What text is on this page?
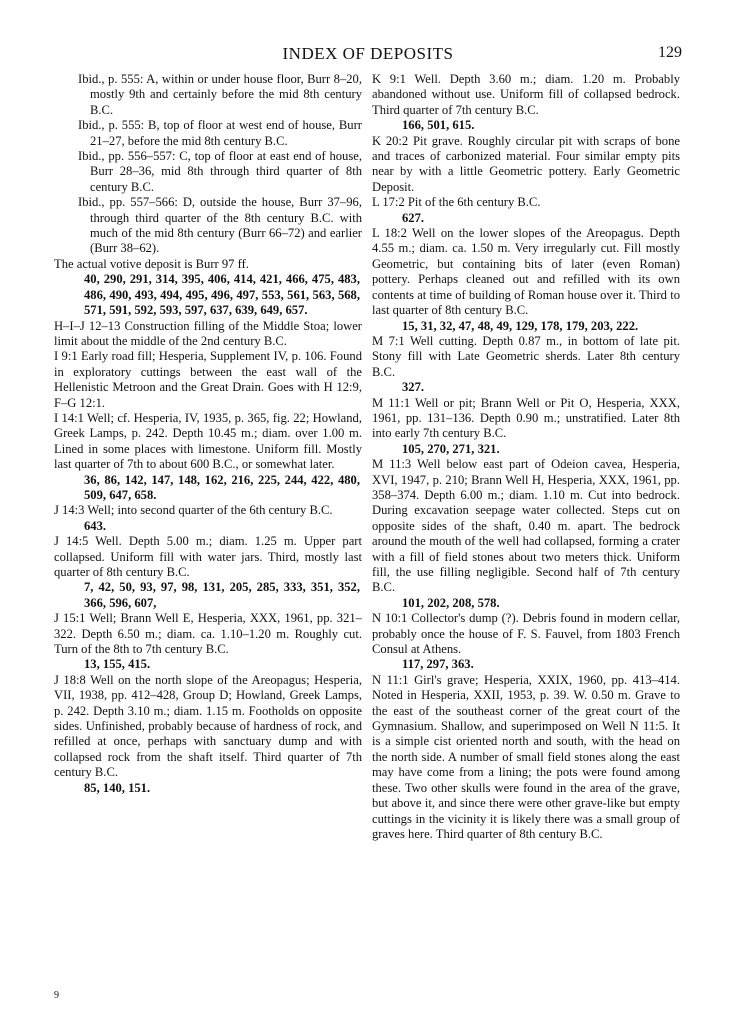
INDEX OF DEPOSITS	129
Ibid., p. 555: A, within or under house floor, Burr 8–20, mostly 9th and certainly before the mid 8th century B.C.
Ibid., p. 555: B, top of floor at west end of house, Burr 21–27, before the mid 8th century B.C.
Ibid., pp. 556–557: C, top of floor at east end of house, Burr 28–36, mid 8th through third quarter of 8th century B.C.
Ibid., pp. 557–566: D, outside the house, Burr 37–96, through third quarter of the 8th century B.C. with much of the mid 8th century (Burr 66–72) and earlier (Burr 38–62).
The actual votive deposit is Burr 97 ff.
40, 290, 291, 314, 395, 406, 414, 421, 466, 475, 483, 486, 490, 493, 494, 495, 496, 497, 553, 561, 563, 568, 571, 591, 592, 593, 597, 637, 639, 649, 657.
H–I–J 12–13 Construction filling of the Middle Stoa; lower limit about the middle of the 2nd century B.C.
I 9:1 Early road fill; Hesperia, Supplement IV, p. 106. Found in exploratory cuttings between the east wall of the Hellenistic Metroon and the Great Drain. Goes with H 12:9, F–G 12:1.
I 14:1 Well; cf. Hesperia, IV, 1935, p. 365, fig. 22; Howland, Greek Lamps, p. 242. Depth 10.45 m.; diam. over 1.00 m. Lined in some places with limestone. Uniform fill. Mostly last quarter of 7th to about 600 B.C., or somewhat later.
36, 86, 142, 147, 148, 162, 216, 225, 244, 422, 480, 509, 647, 658.
J 14:3 Well; into second quarter of the 6th century B.C.
643.
J 14:5 Well. Depth 5.00 m.; diam. 1.25 m. Upper part collapsed. Uniform fill with water jars. Third, mostly last quarter of 8th century B.C.
7, 42, 50, 93, 97, 98, 131, 205, 285, 333, 351, 352, 366, 596, 607,
J 15:1 Well; Brann Well E, Hesperia, XXX, 1961, pp. 321–322. Depth 6.50 m.; diam. ca. 1.10–1.20 m. Roughly cut. Turn of the 8th to 7th century B.C.
13, 155, 415.
J 18:8 Well on the north slope of the Areopagus; Hesperia, VII, 1938, pp. 412–428, Group D; Howland, Greek Lamps, p. 242. Depth 3.10 m.; diam. 1.15 m. Footholds on opposite sides. Unfinished, probably because of hardness of rock, and refilled at once, perhaps with sanctuary dump and with collapsed rock from the shaft itself. Third quarter of 7th century B.C.
85, 140, 151.
K 9:1 Well. Depth 3.60 m.; diam. 1.20 m. Probably abandoned without use. Uniform fill of collapsed bedrock. Third quarter of 7th century B.C.
166, 501, 615.
K 20:2 Pit grave. Roughly circular pit with scraps of bone and traces of carbonized material. Four similar empty pits near by with a little Geometric pottery. Early Geometric Deposit.
L 17:2 Pit of the 6th century B.C.
627.
L 18:2 Well on the lower slopes of the Areopagus. Depth 4.55 m.; diam. ca. 1.50 m. Very irregularly cut. Fill mostly Geometric, but containing bits of later (even Roman) pottery. Perhaps cleaned out and refilled with its own contents at time of building of Roman house over it. Third to last quarter of 8th century B.C.
15, 31, 32, 47, 48, 49, 129, 178, 179, 203, 222.
M 7:1 Well cutting. Depth 0.87 m., in bottom of late pit. Stony fill with Late Geometric sherds. Later 8th century B.C.
327.
M 11:1 Well or pit; Brann Well or Pit O, Hesperia, XXX, 1961, pp. 131–136. Depth 0.90 m.; unstratified. Later 8th into early 7th century B.C.
105, 270, 271, 321.
M 11:3 Well below east part of Odeion cavea, Hesperia, XVI, 1947, p. 210; Brann Well H, Hesperia, XXX, 1961, pp. 358–374. Depth 6.00 m.; diam. 1.10 m. Cut into bedrock. During excavation seepage water collected. Steps cut on opposite sides of the shaft, 0.40 m. apart. The bedrock around the mouth of the well had collapsed, forming a crater with a fill of field stones about two meters thick. Uniform fill, the use filling negligible. Second half of 7th century B.C.
101, 202, 208, 578.
N 10:1 Collector's dump (?). Debris found in modern cellar, probably once the house of F. S. Fauvel, from 1803 French Consul at Athens.
117, 297, 363.
N 11:1 Girl's grave; Hesperia, XXIX, 1960, pp. 413–414. Noted in Hesperia, XXII, 1953, p. 39. W. 0.50 m. Grave to the east of the southeast corner of the great court of the Gymnasium. Shallow, and superimposed on Well N 11:5. It is a simple cist oriented north and south, with the head on the north side. A number of small field stones along the east may have come from a lining; the pots were found among these. Two other skulls were found in the area of the grave, but above it, and since there were other grave-like but empty cuttings in the vicinity it is likely there was a small group of graves here. Third quarter of 8th century B.C.
9
